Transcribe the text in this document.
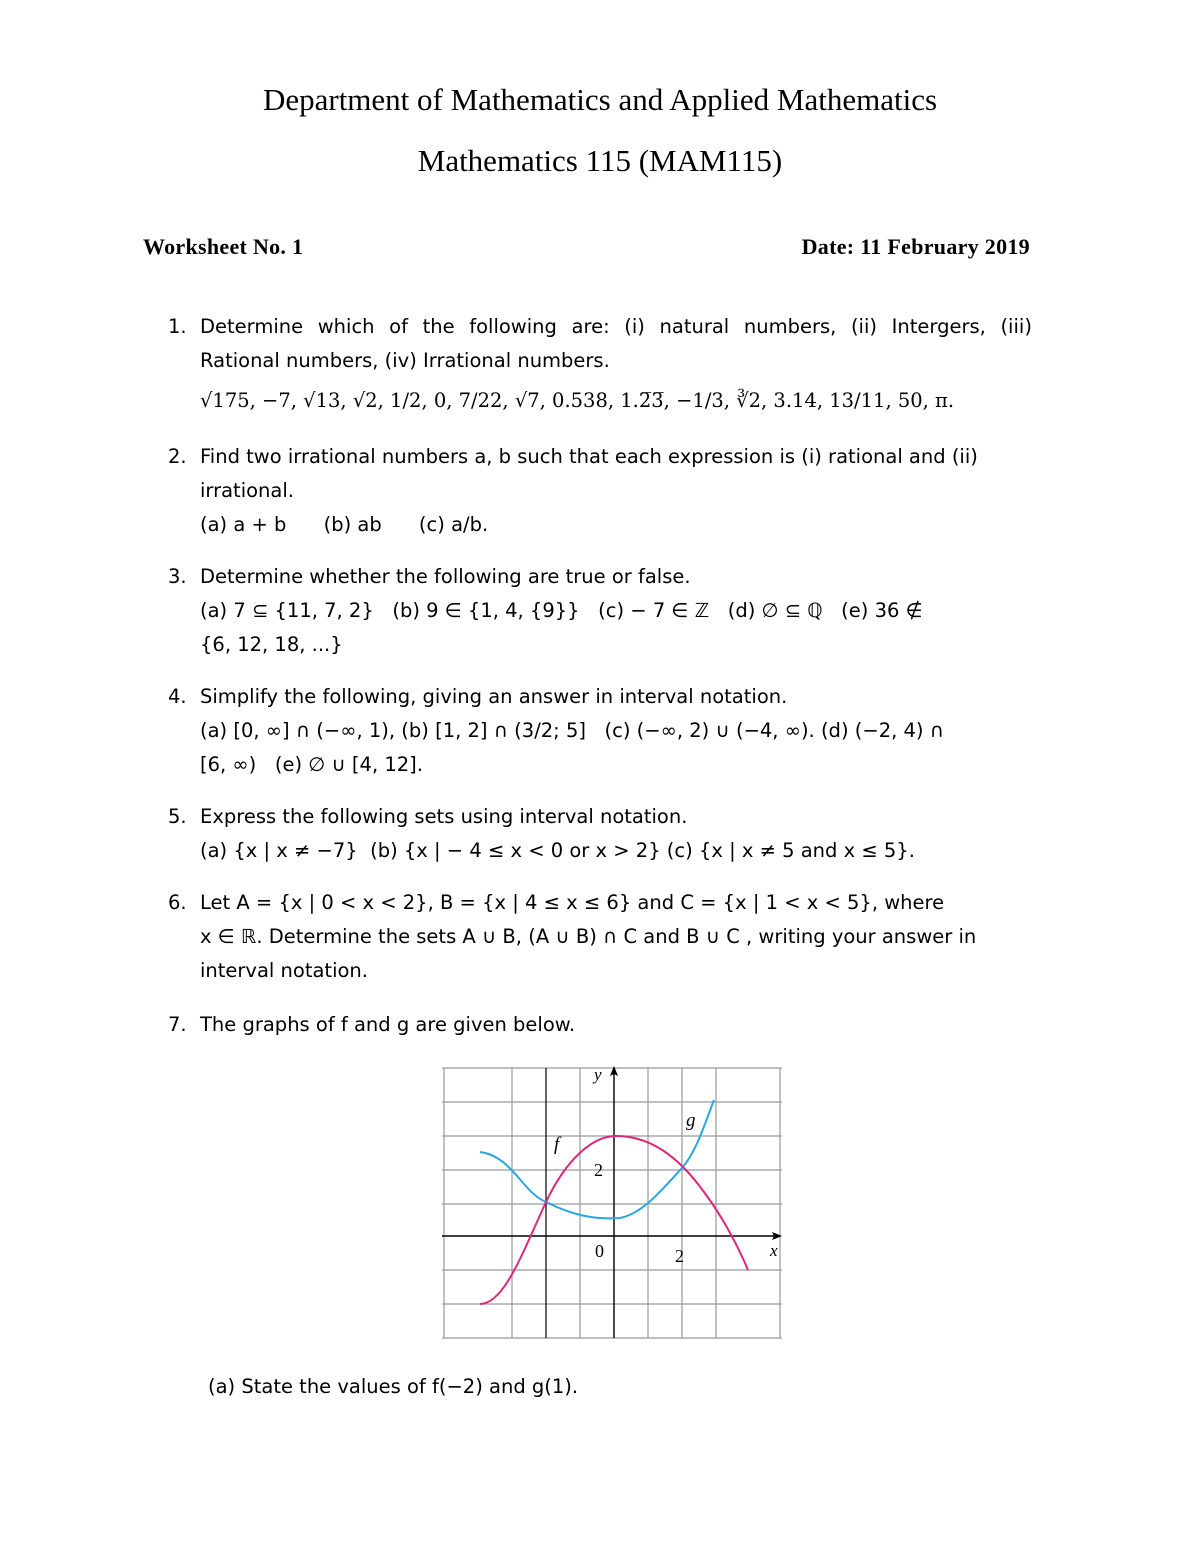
Department of Mathematics and Applied Mathematics
Mathematics 115 (MAM115)
Worksheet No. 1	Date: 11 February 2019
1. Determine which of the following are: (i) natural numbers, (ii) Intergers, (iii)
Rational numbers, (iv) Irrational numbers.
√175, −7, √13, √2, 1/2, 0, 7/22, √7, 0.538, 1.2̅3̅, −1/3, ∛2, 3.14, 13/11, 50, π.
2. Find two irrational numbers a, b such that each expression is (i) rational and (ii)
irrational.
(a) a + b      (b) ab      (c) a/b.
3. Determine whether the following are true or false.
(a) 7 ⊆ {11, 7, 2}   (b) 9 ∈ {1, 4, {9}}   (c) − 7 ∈ ℤ   (d) ∅ ⊆ ℚ   (e) 36 ∉
{6, 12, 18, ...}
4. Simplify the following, giving an answer in interval notation.
(a) [0, ∞] ∩ (−∞, 1), (b) [1, 2] ∩ (3/2; 5]   (c) (−∞, 2) ∪ (−4, ∞). (d) (−2, 4) ∩
[6, ∞)   (e) ∅ ∪ [4, 12].
5. Express the following sets using interval notation.
(a) {x | x ≠ −7}  (b) {x | − 4 ≤ x < 0 or x > 2} (c) {x | x ≠ 5 and x ≤ 5}.
6. Let A = {x | 0 < x < 2}, B = {x | 4 ≤ x ≤ 6} and C = {x | 1 < x < 5}, where
x ∈ ℝ. Determine the sets A ∪ B, (A ∪ B) ∩ C and B ∪ C , writing your answer in
interval notation.
7. The graphs of f and g are given below.
y
x
f
g
0	2
2
(a) State the values of f(−2) and g(1).
